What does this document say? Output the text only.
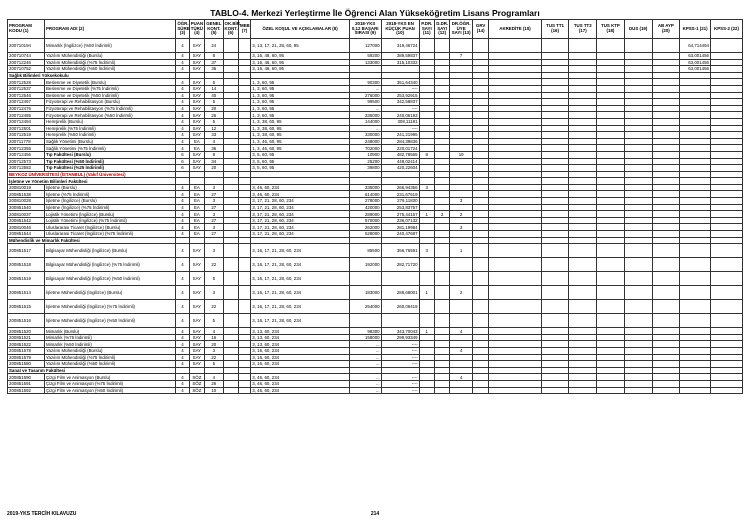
TABLO-4. Merkezi Yerleştirme İle Öğrenci Alan Yükseköğretim Lisans Programları
PROGRAM KODU (1)	PROGRAM ADI (2)	ÖĞR. SÜRE (3)	PUAN TÜRÜ (4)	GENEL KONT. (5)	OK.BİR. KONT. (6)	MEB (7)	ÖZEL KOŞUL VE AÇIKLAMALAR (8)	2018-YKS 0,12 BAŞARI SIRASI (9)	2018-YKS EN KÜÇÜK PUAN (10)	P.DR. SAYI (11)	D.DR. SAYI (12)	DR.ÖĞR. ÜYE SAYI (13)	GRV (14)	AKREDİTE (15)	TUS TT1 (16)	TUS TT2 (17)	TUS KTP (18)	DUS (19)	AB AYP (20)	KPSS-1 (21)	KPSS-2 (22)
200710194	Mimarlık (İngilizce) (%50 İndirimli)	4	SAY	24			3, 13, 17, 21, 28, 60, 95	127000	319,46724											64,714494	
200710744	Yazılım Mühendisliği (Burslu)	4	SAY	8			3, 16, 48, 60, 95	59200	389,59837			7								63,001456	
200712246	Yazılım Mühendisliği (%75 İndirimli)	4	SAY	37			3, 16, 46, 60, 95	133000	315,10332											63,001456	
200710752	Yazılım Mühendisliği (%50 İndirimli)	4	SAY	35			3, 16, 46, 60, 95													63,001456	
Sağlık Bilimleri Yüksekokulu																					
200712528	Beslenme ve Diyetetik (Burslu)	4	SAY	6			1, 3, 60, 95	90300	351,64340												
200712537	Beslenme ve Diyetetik (%75 İndirimli)	4	SAY	14			1, 3, 60, 95	...	----												
200712546	Beslenme ve Diyetetik (%50 İndirimli)	4	SAY	40			1, 3, 60, 95	276000	253,92915												
200712467	Fizyoterapi ve Rehabilitasyon (Burslu)	4	SAY	5			1, 3, 60, 95	99500	342,58837												
200712476	Fizyoterapi ve Rehabilitasyon (%75 İndirimli)	4	SAY	20			1, 3, 60, 95	...	----												
200712485	Fizyoterapi ve Rehabilitasyon (%50 İndirimli)	4	SAY	25			1, 3, 60, 95	336000	240,06193												
200712494	Hemşirelik (Burslu)	4	SAY	5			1, 3, 38, 60, 95	144000	308,11181												
200712501	Hemşirelik (%75 İndirimli)	4	SAY	12			1, 3, 38, 60, 95	...	----												
200712519	Hemşirelik (%50 İndirimli)	4	SAY	33			1, 3, 38, 60, 95	330000	241,21995												
200711778	Sağlık Yönetimi (Burslu)	4	EA	4			1, 3, 46, 60, 95	248000	284,39836												
200712355	Sağlık Yönetimi (%75 İndirimli)	4	EA	36			1, 3, 46, 60, 95	702000	220,01724												
200712456	Tıp Fakültesi (Burslu)	6	SAY	8			3, 5, 60, 95	10900	482,78565	8		19									
200712573	Tıp Fakültesi (%50 İndirimli)	6	SAY	34			3, 5, 60, 95	25200	448,02414												
200712582	Tıp Fakültesi (%25 İndirimli)	6	SAY	20			3, 5, 60, 95	39800	420,22604												
BEYKOZ ÜNİVERSİTESİ (İSTANBUL) (Vakıf Üniversitesi)																					
İşletme ve Yönetim Bilimleri Fakültesi																					
200810019	İşletme (Burslu)	4	EA	3			3, 46, 60, 234	335000	266,94356	3											
200851538	İşletme (%75 İndirimli)	4	EA	27			3, 46, 60, 234	614000	231,67619												
200810028	İşletme (İngilizce) (Burslu)	4	EA	3			3, 17, 21, 28, 60, 234	278000	276,11830			3									
200851540	İşletme (İngilizce) (%75 İndirimli)	4	EA	27			3, 17, 21, 28, 60, 234	420000	253,83757												
200810037	Lojistik Yönetimi (İngilizce) (Burslu)	4	EA	3			3, 17, 21, 28, 60, 234	289000	275,44157	1	2	2									
200851542	Lojistik Yönetimi (İngilizce) (%75 İndirimli)	4	EA	27			3, 17, 21, 28, 60, 234	570000	236,07132												
200810046	Uluslararası Ticaret (İngilizce) (Burslu)	4	EA	3			3, 17, 21, 28, 60, 234	262000	281,19984			3									
200851544	Uluslararası Ticaret (İngilizce) (%75 İndirimli)	4	EA	27			3, 17, 21, 28, 60, 234	528000	240,47687												
Mühendislik ve Mimarlık Fakültesi																					
200851517	Bilgisayar Mühendisliği (İngilizce) (Burslu)	4	SAY	3			3, 16, 17, 21, 28, 60, 234	85500	356,76591	3		1									
200851518	Bilgisayar Mühendisliği (İngilizce) (%75 İndirimli)	4	SAY	22			3, 16, 17, 21, 28, 60, 234	192000	282,71720												
200851519	Bilgisayar Mühendisliği (İngilizce) (%50 İndirimli)	4	SAY	5			3, 16, 17, 21, 28, 60, 234														
200851514	İşletme Mühendisliği (İngilizce) (Burslu)	4	SAY	3			3, 16, 17, 21, 28, 60, 234	183000	286,68001	1		2									
200851515	İşletme Mühendisliği (İngilizce) (%75 İndirimli)	4	SAY	22			3, 16, 17, 21, 28, 60, 234	254000	260,06419												
200851516	İşletme Mühendisliği (İngilizce) (%50 İndirimli)	4	SAY	5			3, 16, 17, 21, 28, 60, 234														
200851520	Mimarlık (Burslu)	4	SAY	4			3, 13, 60, 234	98300	343,70043	1		4									
200851521	Mimarlık (%75 İndirimli)	4	SAY	16			3, 13, 60, 234	158000	299,93349												
200851522	Mimarlık (%50 İndirimli)	4	SAY	20			3, 13, 60, 234	...	----												
200851578	Yazılım Mühendisliği (Burslu)	4	SAY	3			3, 16, 60, 234	...	----			4									
200851579	Yazılım Mühendisliği (%75 İndirimli)	4	SAY	22			3, 16, 60, 234	...	----												
200851580	Yazılım Mühendisliği (%50 İndirimli)	4	SAY	5			3, 16, 60, 234	...	----												
Sanat ve Tasarım Fakültesi																					
200851590	Çizgi Film ve Animasyon (Burslu)	4	SÖZ	4			3, 46, 60, 234	...	----			4									
200851591	Çizgi Film ve Animasyon (%75 İndirimli)	4	SÖZ	26			3, 46, 60, 234	...	----												
200851592	Çizgi Film ve Animasyon (%50 İndirimli)	4	SÖZ	10			3, 46, 60, 234	...	----												
2019-YKS TERCİH KILAVUZU	214
